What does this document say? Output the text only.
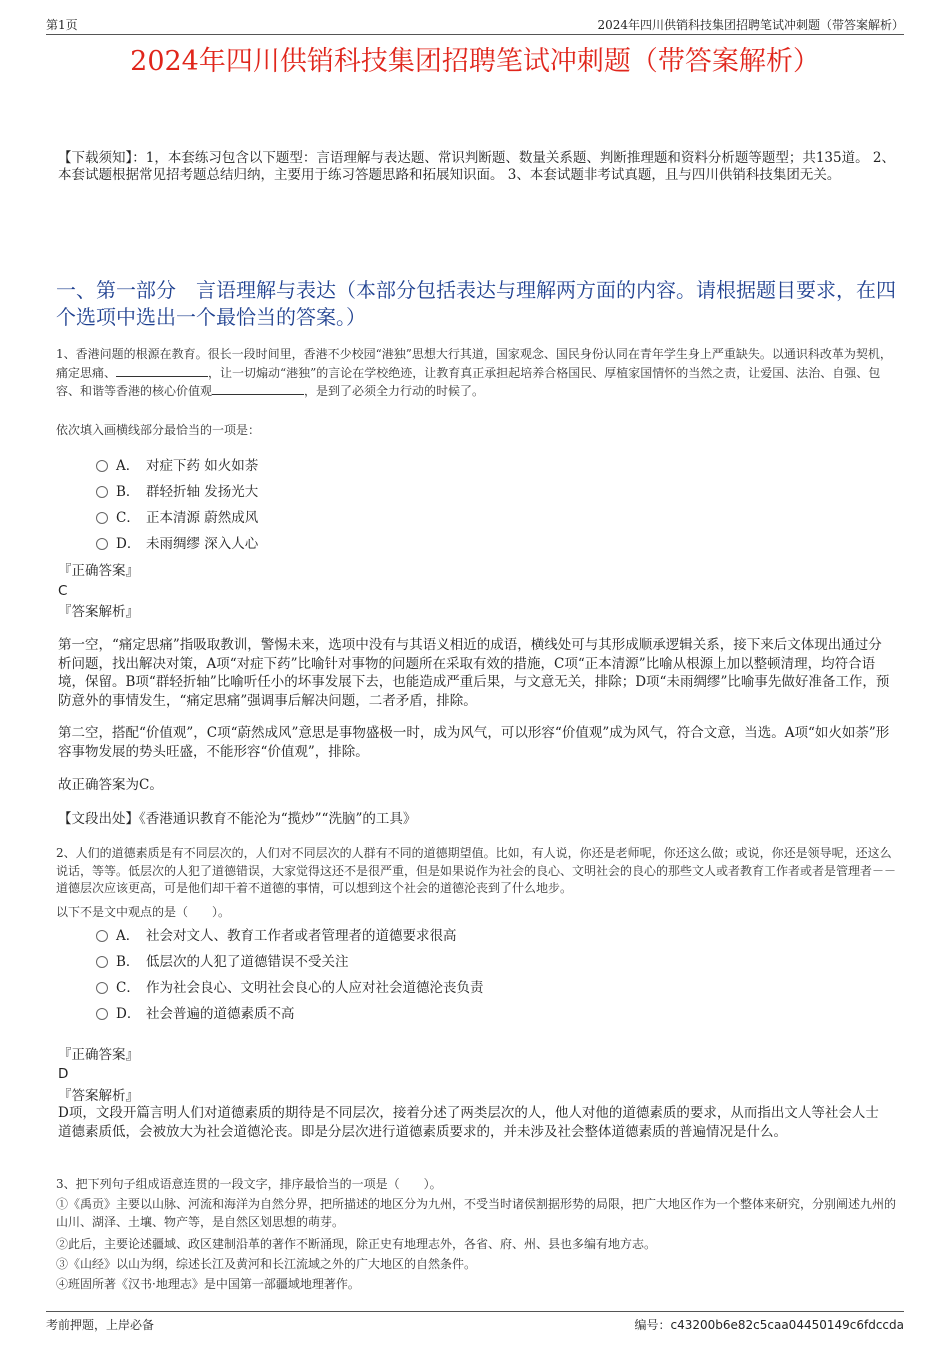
第1页	2024年四川供销科技集团招聘笔试冲刺题（带答案解析）
2024年四川供销科技集团招聘笔试冲刺题（带答案解析）
【下载须知】：1，本套练习包含以下题型：言语理解与表达题、常识判断题、数量关系题、判断推理题和资料分析题等题型；共135道。 2、本套试题根据常见招考题总结归纳，主要用于练习答题思路和拓展知识面。 3、本套试题非考试真题，且与四川供销科技集团无关。
一、第一部分　言语理解与表达（本部分包括表达与理解两方面的内容。请根据题目要求，在四个选项中选出一个最恰当的答案。）
1、香港问题的根源在教育。很长一段时间里，香港不少校园“港独”思想大行其道，国家观念、国民身份认同在青年学生身上严重缺失。以通识科改革为契机，痛定思痛、	，让一切煽动“港独”的言论在学校绝迹，让教育真正承担起培养合格国民、厚植家国情怀的当然之责，让爱国、法治、自强、包容、和谐等香港的核心价值观	，是到了必须全力行动的时候了。
依次填入画横线部分最恰当的一项是：
A． 对症下药 如火如荼
B． 群轻折轴 发扬光大
C． 正本清源 蔚然成风
D． 未雨绸缪 深入人心
『正确答案』
C
『答案解析』
第一空，“痛定思痛”指吸取教训，警惕未来，选项中没有与其语义相近的成语，横线处可与其形成顺承逻辑关系，接下来后文体现出通过分析问题，找出解决对策，A项“对症下药”比喻针对事物的问题所在采取有效的措施，C项“正本清源”比喻从根源上加以整顿清理，均符合语境，保留。B项“群轻折轴”比喻听任小的坏事发展下去，也能造成严重后果，与文意无关，排除；D项“未雨绸缪”比喻事先做好准备工作，预防意外的事情发生，“痛定思痛”强调事后解决问题，二者矛盾，排除。
第二空，搭配“价值观”，C项“蔚然成风”意思是事物盛极一时，成为风气，可以形容“价值观”成为风气，符合文意，当选。A项“如火如荼”形容事物发展的势头旺盛，不能形容“价值观”，排除。
故正确答案为C。
【文段出处】《香港通识教育不能沦为“揽炒”“洗脑”的工具》
2、人们的道德素质是有不同层次的，人们对不同层次的人群有不同的道德期望值。比如，有人说，你还是老师呢，你还这么做；或说，你还是领导呢，还这么说话，等等。低层次的人犯了道德错误，大家觉得这还不是很严重，但是如果说作为社会的良心、文明社会的良心的那些文人或者教育工作者或者是管理者－－道德层次应该更高，可是他们却干着不道德的事情，可以想到这个社会的道德沦丧到了什么地步。
以下不是文中观点的是（　　）。
A． 社会对文人、教育工作者或者管理者的道德要求很高
B． 低层次的人犯了道德错误不受关注
C． 作为社会良心、文明社会良心的人应对社会道德沦丧负责
D． 社会普遍的道德素质不高
『正确答案』
D
『答案解析』
D项，文段开篇言明人们对道德素质的期待是不同层次，接着分述了两类层次的人，他人对他的道德素质的要求，从而指出文人等社会人士道德素质低，会被放大为社会道德沦丧。即是分层次进行道德素质要求的，并未涉及社会整体道德素质的普遍情况是什么。
3、把下列句子组成语意连贯的一段文字，排序最恰当的一项是（　　）。
①《禹贡》主要以山脉、河流和海洋为自然分界，把所描述的地区分为九州，不受当时诸侯割据形势的局限，把广大地区作为一个整体来研究，分别阐述九州的山川、湖泽、土壤、物产等，是自然区划思想的萌芽。
②此后，主要论述疆域、政区建制沿革的著作不断涌现，除正史有地理志外，各省、府、州、县也多编有地方志。
③《山经》以山为纲，综述长江及黄河和长江流域之外的广大地区的自然条件。
④班固所著《汉书·地理志》是中国第一部疆域地理著作。
考前押题，上岸必备	编号：c43200b6e82c5caa04450149c6fdccda
